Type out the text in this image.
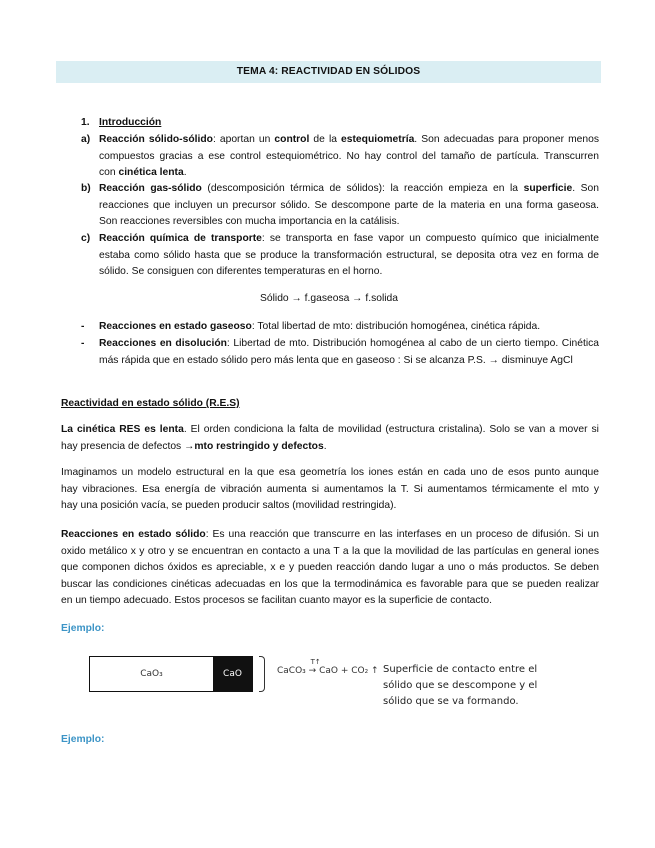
TEMA 4: REACTIVIDAD EN SÓLIDOS
1. Introducción
a) Reacción sólido-sólido: aportan un control de la estequiometría. Son adecuadas para proponer menos
compuestos gracias a ese control estequiométrico. No hay control del tamaño de partícula. Transcurren
con cinética lenta.
b) Reacción gas-sólido (descomposición térmica de sólidos): la reacción empieza en la superficie. Son
reacciones que incluyen un precursor sólido. Se descompone parte de la materia en una forma gaseosa.
Son reacciones reversibles con mucha importancia en la catálisis.
c) Reacción química de transporte: se transporta en fase vapor un compuesto químico que inicialmente
estaba como sólido hasta que se produce la transformación estructural, se deposita otra vez en forma de
sólido. Se consiguen con diferentes temperaturas en el horno.
Sólido → f.gaseosa → f.solida
- Reacciones en estado gaseoso: Total libertad de mto: distribución homogénea, cinética rápida.
- Reacciones en disolución: Libertad de mto. Distribución homogénea al cabo de un cierto tiempo. Cinética
más rápida que en estado sólido pero más lenta que en gaseoso : Si se alcanza P.S. → disminuye AgCl
Reactividad en estado sólido (R.E.S)
La cinética RES es lenta. El orden condiciona la falta de movilidad (estructura cristalina). Solo se van a mover si
hay presencia de defectos →mto restringido y defectos.
Imaginamos un modelo estructural en la que esa geometría los iones están en cada uno de esos punto aunque
hay vibraciones. Esa energía de vibración aumenta si aumentamos la T. Si aumentamos térmicamente el mto y
hay una posición vacía, se pueden producir saltos (movilidad restringida).
Reacciones en estado sólido: Es una reacción que transcurre en las interfases en un proceso de difusión. Si un
oxido metálico x y otro y se encuentran en contacto a una T a la que la movilidad de las partículas en general iones
que componen dichos óxidos es apreciable, x e y pueden reacción dando lugar a uno o más productos. Se deben
buscar las condiciones cinéticas adecuadas en los que la termodinámica es favorable para que se pueden realizar
en un tiempo adecuado. Estos procesos se facilitan cuanto mayor es la superficie de contacto.
Ejemplo:
CaO₃	CaO	CaCO₃
T↑
→ CaO + CO₂ ↑ Superficie de contacto entre el sólido que se descompone y el sólido que se va formando.
Ejemplo:
